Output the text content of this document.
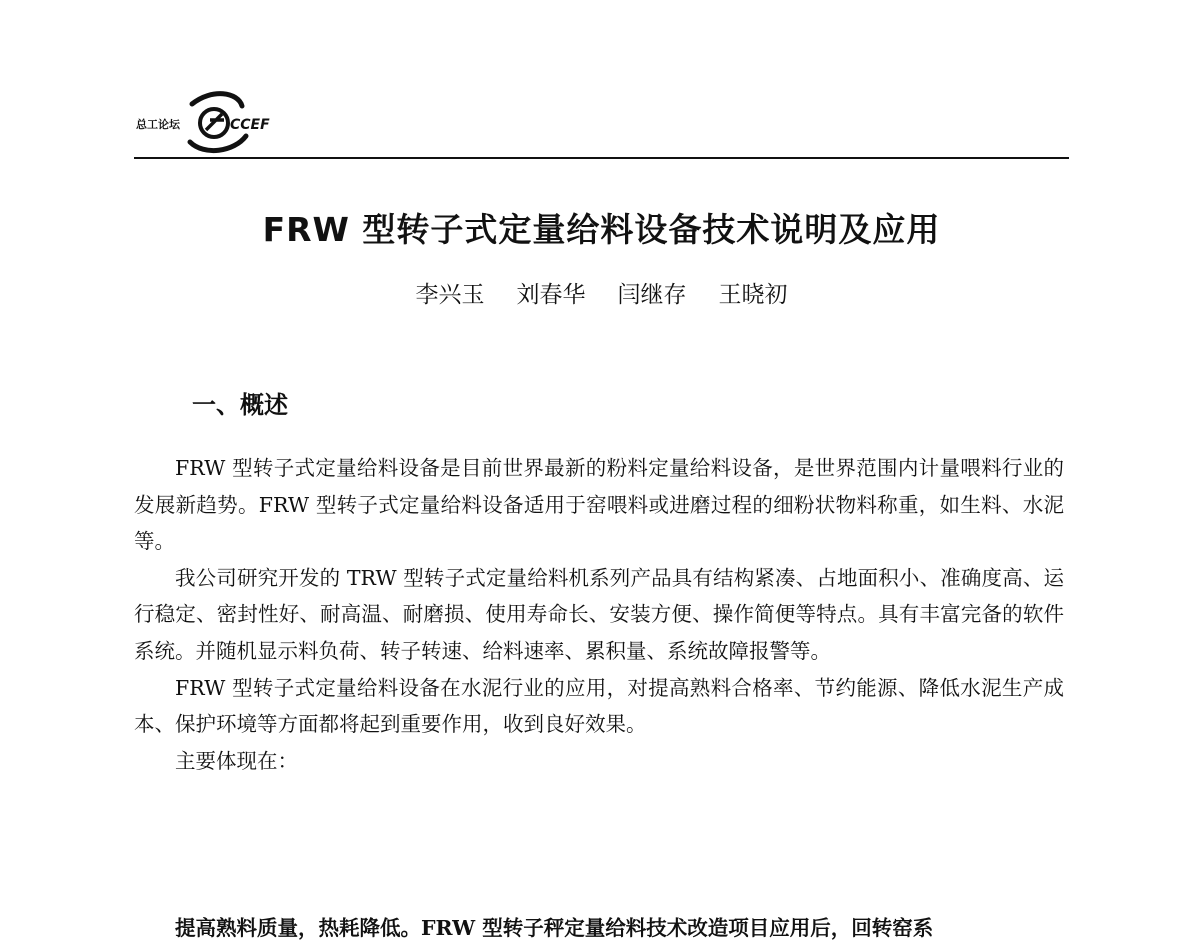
总工论坛	CCEF
FRW 型转子式定量给料设备技术说明及应用
李兴玉 刘春华 闫继存 王晓初
一、概述

FRW 型转子式定量给料设备是目前世界最新的粉料定量给料设备，是世界范围内计量喂料行业的发展新趋势。FRW 型转子式定量给料设备适用于窑喂料或进磨过程的细粉状物料称重，如生料、水泥等。

我公司研究开发的 TRW 型转子式定量给料机系列产品具有结构紧凑、占地面积小、准确度高、运行稳定、密封性好、耐高温、耐磨损、使用寿命长、安装方便、操作简便等特点。具有丰富完备的软件系统。并随机显示料负荷、转子转速、给料速率、累积量、系统故障报警等。

FRW 型转子式定量给料设备在水泥行业的应用，对提高熟料合格率、节约能源、降低水泥生产成本、保护环境等方面都将起到重要作用，收到良好效果。

主要体现在：

提高熟料质量，热耗降低。FRW 型转子秤定量给料技术改造项目应用后，回转窑系
